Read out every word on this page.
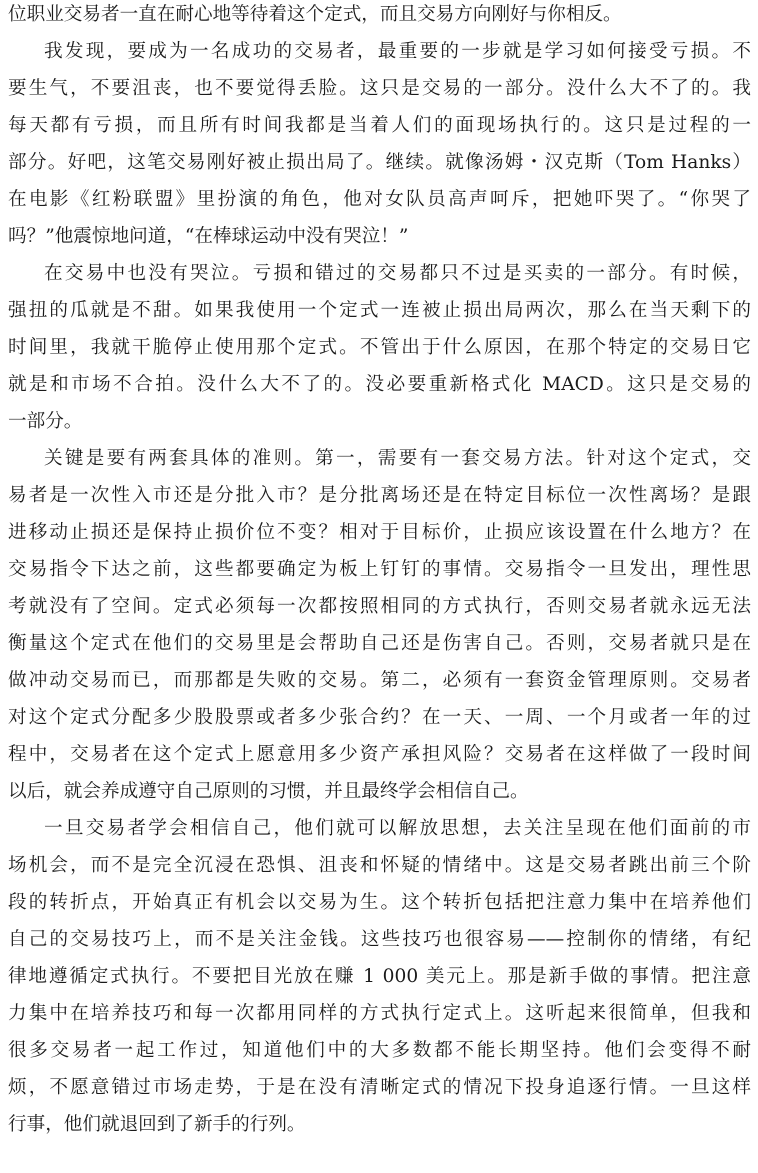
位职业交易者一直在耐心地等待着这个定式，而且交易方向刚好与你相反。
我发现，要成为一名成功的交易者，最重要的一步就是学习如何接受亏损。不
要生气，不要沮丧，也不要觉得丢脸。这只是交易的一部分。没什么大不了的。我
每天都有亏损，而且所有时间我都是当着人们的面现场执行的。这只是过程的一
部分。好吧，这笔交易刚好被止损出局了。继续。就像汤姆・汉克斯（Tom Hanks）
在电影《红粉联盟》里扮演的角色，他对女队员高声呵斥，把她吓哭了。“你哭了
吗？”他震惊地问道，“在棒球运动中没有哭泣！”
在交易中也没有哭泣。亏损和错过的交易都只不过是买卖的一部分。有时候，
强扭的瓜就是不甜。如果我使用一个定式一连被止损出局两次，那么在当天剩下的
时间里，我就干脆停止使用那个定式。不管出于什么原因，在那个特定的交易日它
就是和市场不合拍。没什么大不了的。没必要重新格式化 MACD。这只是交易的
一部分。
关键是要有两套具体的准则。第一，需要有一套交易方法。针对这个定式，交
易者是一次性入市还是分批入市？是分批离场还是在特定目标位一次性离场？是跟
进移动止损还是保持止损价位不变？相对于目标价，止损应该设置在什么地方？在
交易指令下达之前，这些都要确定为板上钉钉的事情。交易指令一旦发出，理性思
考就没有了空间。定式必须每一次都按照相同的方式执行，否则交易者就永远无法
衡量这个定式在他们的交易里是会帮助自己还是伤害自己。否则，交易者就只是在
做冲动交易而已，而那都是失败的交易。第二，必须有一套资金管理原则。交易者
对这个定式分配多少股股票或者多少张合约？在一天、一周、一个月或者一年的过
程中，交易者在这个定式上愿意用多少资产承担风险？交易者在这样做了一段时间
以后，就会养成遵守自己原则的习惯，并且最终学会相信自己。
一旦交易者学会相信自己，他们就可以解放思想，去关注呈现在他们面前的市
场机会，而不是完全沉浸在恐惧、沮丧和怀疑的情绪中。这是交易者跳出前三个阶
段的转折点，开始真正有机会以交易为生。这个转折包括把注意力集中在培养他们
自己的交易技巧上，而不是关注金钱。这些技巧也很容易——控制你的情绪，有纪
律地遵循定式执行。不要把目光放在赚 1 000 美元上。那是新手做的事情。把注意
力集中在培养技巧和每一次都用同样的方式执行定式上。这听起来很简单，但我和
很多交易者一起工作过，知道他们中的大多数都不能长期坚持。他们会变得不耐
烦，不愿意错过市场走势，于是在没有清晰定式的情况下投身追逐行情。一旦这样
行事，他们就退回到了新手的行列。
